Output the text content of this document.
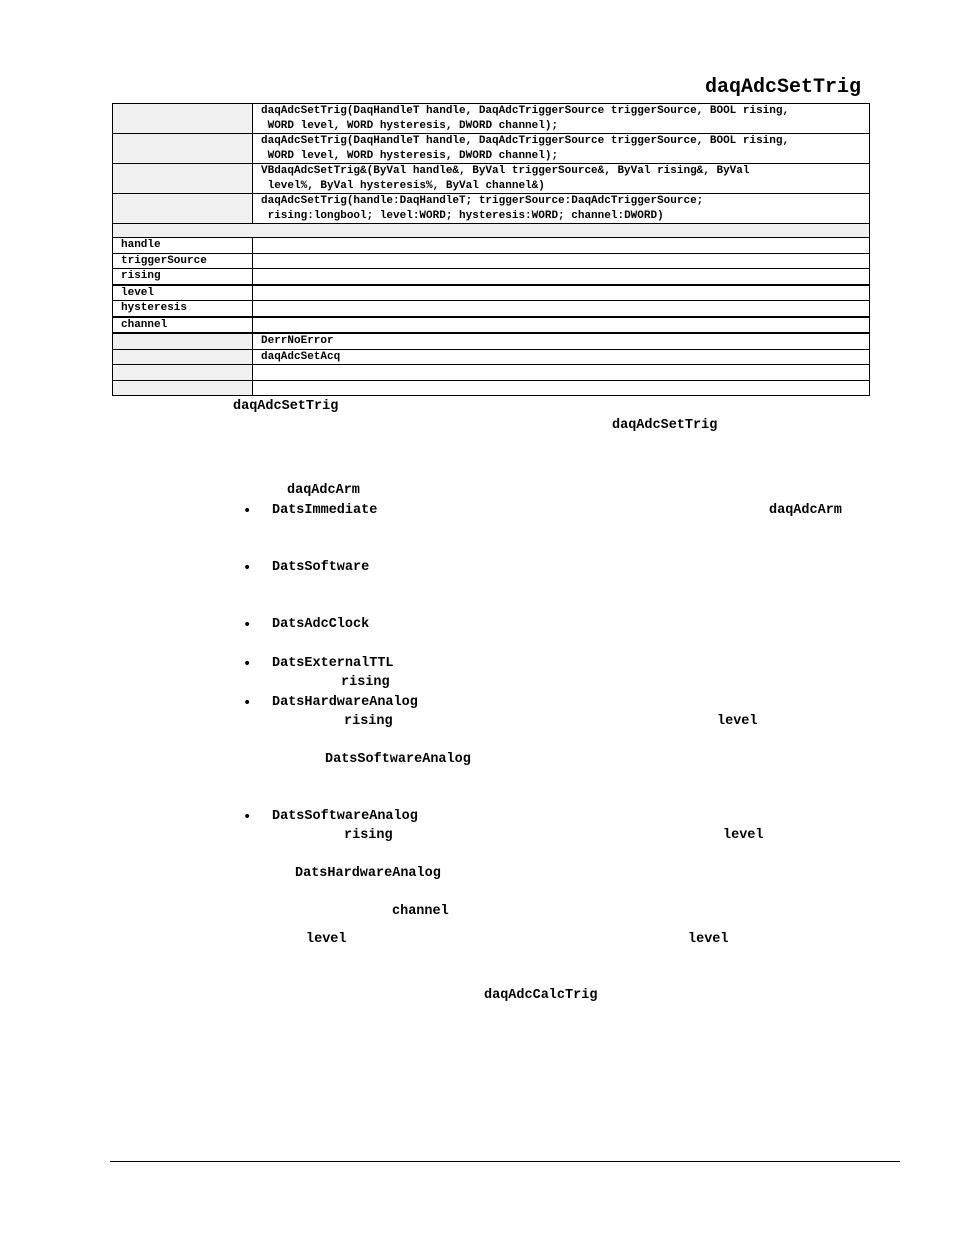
daqAdcSetTrig
	daqAdcSetTrig(DaqHandleT handle, DaqAdcTriggerSource triggerSource, BOOL rising,
WORD level, WORD hysteresis, DWORD channel);
	daqAdcSetTrig(DaqHandleT handle, DaqAdcTriggerSource triggerSource, BOOL rising,
WORD level, WORD hysteresis, DWORD channel);
	VBdaqAdcSetTrig&(ByVal handle&, ByVal triggerSource&, ByVal rising&, ByVal
level%, ByVal hysteresis%, ByVal channel&)
	daqAdcSetTrig(handle:DaqHandleT; triggerSource:DaqAdcTriggerSource;
rising:longbool; level:WORD; hysteresis:WORD; channel:DWORD)

handle	
triggerSource	
rising	
level	
hysteresis	
channel	
	DerrNoError
	daqAdcSetAcq

daqAdcSetTrig
daqAdcSetTrig
daqAdcArm
• DatsImmediate	daqAdcArm
• DatsSoftware
• DatsAdcClock
• DatsExternalTTL
rising
• DatsHardwareAnalog
rising	level
DatsSoftwareAnalog
• DatsSoftwareAnalog
rising	level
DatsHardwareAnalog
channel
level	level
daqAdcCalcTrig
